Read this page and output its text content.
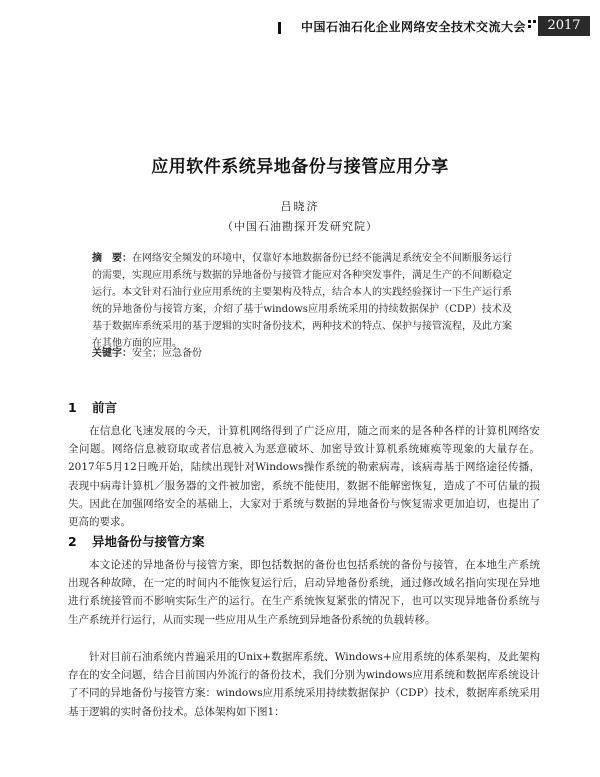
中国石油石化企业网络安全技术交流大会	2017
应用软件系统异地备份与接管应用分享
吕晓济
（中国石油勘探开发研究院）
摘　要：在网络安全频发的环境中，仅靠好本地数据备份已经不能满足系统安全不间断服务运行的需要，实现应用系统与数据的异地备份与接管才能应对各种突发事件，满足生产的不间断稳定运行。本文针对石油行业应用系统的主要架构及特点，结合本人的实践经验探讨一下生产运行系统的异地备份与接管方案，介绍了基于windows应用系统采用的持续数据保护（CDP）技术及基于数据库系统采用的基于逻辑的实时备份技术，两种技术的特点、保护与接管流程，及此方案在其他方面的应用。
关键字：安全；应急备份
1 前言
在信息化飞速发展的今天，计算机网络得到了广泛应用，随之而来的是各种各样的计算机网络安全问题。网络信息被窃取或者信息被入为恶意破坏、加密导致计算机系统瘫痪等现象的大量存在。2017年5月12日晚开始，陆续出现针对Windows操作系统的勒索病毒，该病毒基于网络途径传播，表现中病毒计算机／服务器的文件被加密，系统不能使用，数据不能解密恢复，造成了不可估量的损失。因此在加强网络安全的基础上，大家对于系统与数据的异地备份与恢复需求更加迫切，也提出了更高的要求。
2 异地备份与接管方案
本文论述的异地备份与接管方案，即包括数据的备份也包括系统的备份与接管，在本地生产系统出现各种故障，在一定的时间内不能恢复运行后，启动异地备份系统，通过修改域名指向实现在异地进行系统接管而不影响实际生产的运行。在生产系统恢复紧张的情况下，也可以实现异地备份系统与生产系统并行运行，从而实现一些应用从生产系统到异地备份系统的负载转移。
针对目前石油系统内普遍采用的Unix+数据库系统、Windows+应用系统的体系架构，及此架构存在的安全问题，结合目前国内外流行的备份技术，我们分别为windows应用系统和数据库系统设计了不同的异地备份与接管方案：windows应用系统采用持续数据保护（CDP）技术，数据库系统采用基于逻辑的实时备份技术。总体架构如下图1：
